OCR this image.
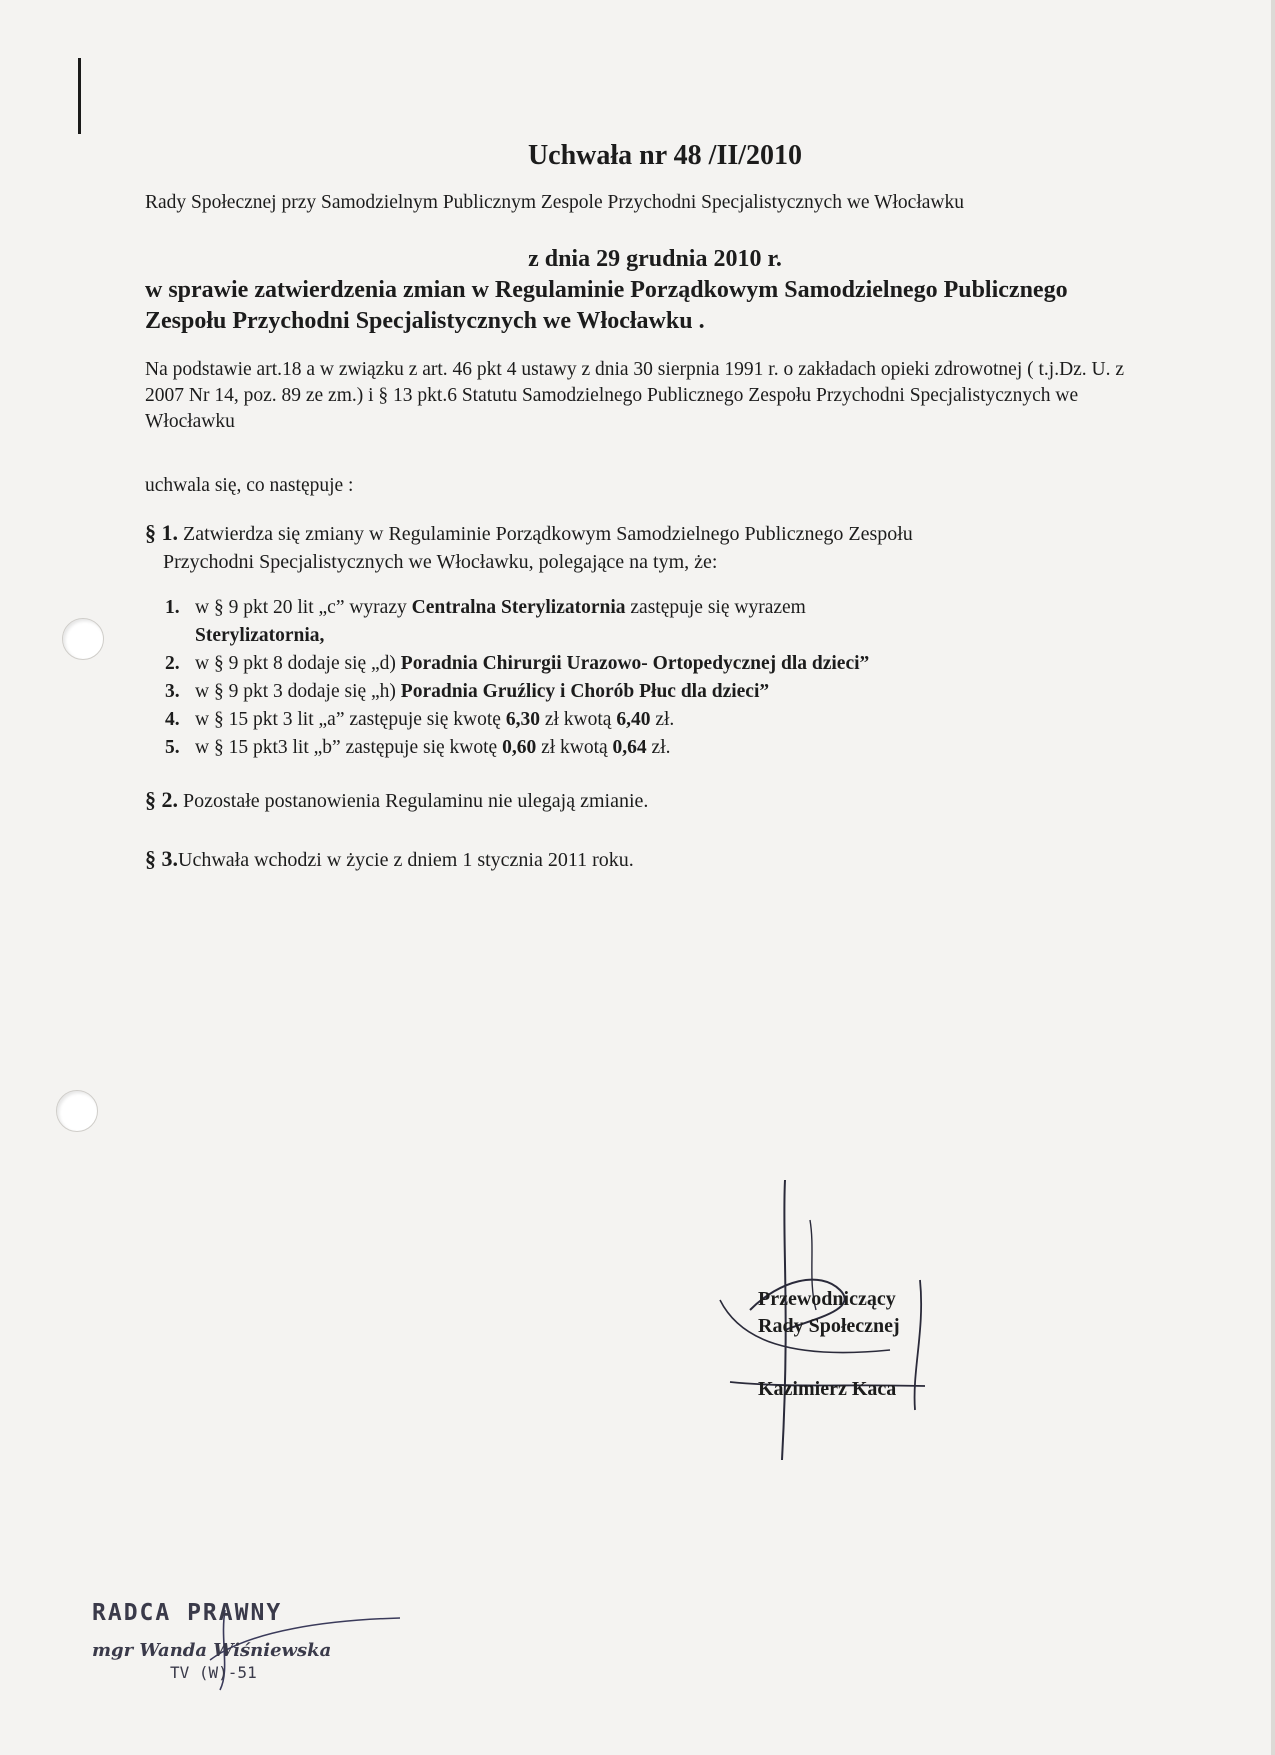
Uchwała nr 48 /II/2010
Rady Społecznej przy Samodzielnym Publicznym Zespole Przychodni Specjalistycznych we Włocławku
z dnia 29 grudnia 2010 r.
w sprawie zatwierdzenia zmian w Regulaminie Porządkowym Samodzielnego Publicznego Zespołu Przychodni Specjalistycznych we Włocławku .
Na podstawie art.18 a w związku z art. 46 pkt 4 ustawy z dnia 30 sierpnia 1991 r. o zakładach opieki zdrowotnej ( t.j.Dz. U. z 2007 Nr 14, poz. 89 ze zm.) i § 13 pkt.6 Statutu Samodzielnego Publicznego Zespołu Przychodni Specjalistycznych we Włocławku
uchwala się, co następuje :
§ 1. Zatwierdza się zmiany w Regulaminie Porządkowym Samodzielnego Publicznego Zespołu
Przychodni Specjalistycznych we Włocławku, polegające na tym, że:
1. w § 9 pkt 20 lit „c” wyrazy Centralna Sterylizatornia zastępuje się wyrazem
Sterylizatornia,
2. w § 9 pkt 8 dodaje się „d) Poradnia Chirurgii Urazowo- Ortopedycznej dla dzieci”
3. w § 9 pkt 3 dodaje się „h) Poradnia Gruźlicy i Chorób Płuc dla dzieci”
4. w § 15 pkt 3 lit „a” zastępuje się kwotę 6,30 zł kwotą 6,40 zł.
5. w § 15 pkt3 lit „b” zastępuje się kwotę 0,60 zł kwotą 0,64 zł.
§ 2. Pozostałe postanowienia Regulaminu nie ulegają zmianie.
§ 3.Uchwała wchodzi w życie z dniem 1 stycznia 2011 roku.

Przewodniczący
Rady Społecznej
Kazimierz Kaca
RADCA PRAWNY
mgr Wanda Wiśniewska
TV (W)-51
